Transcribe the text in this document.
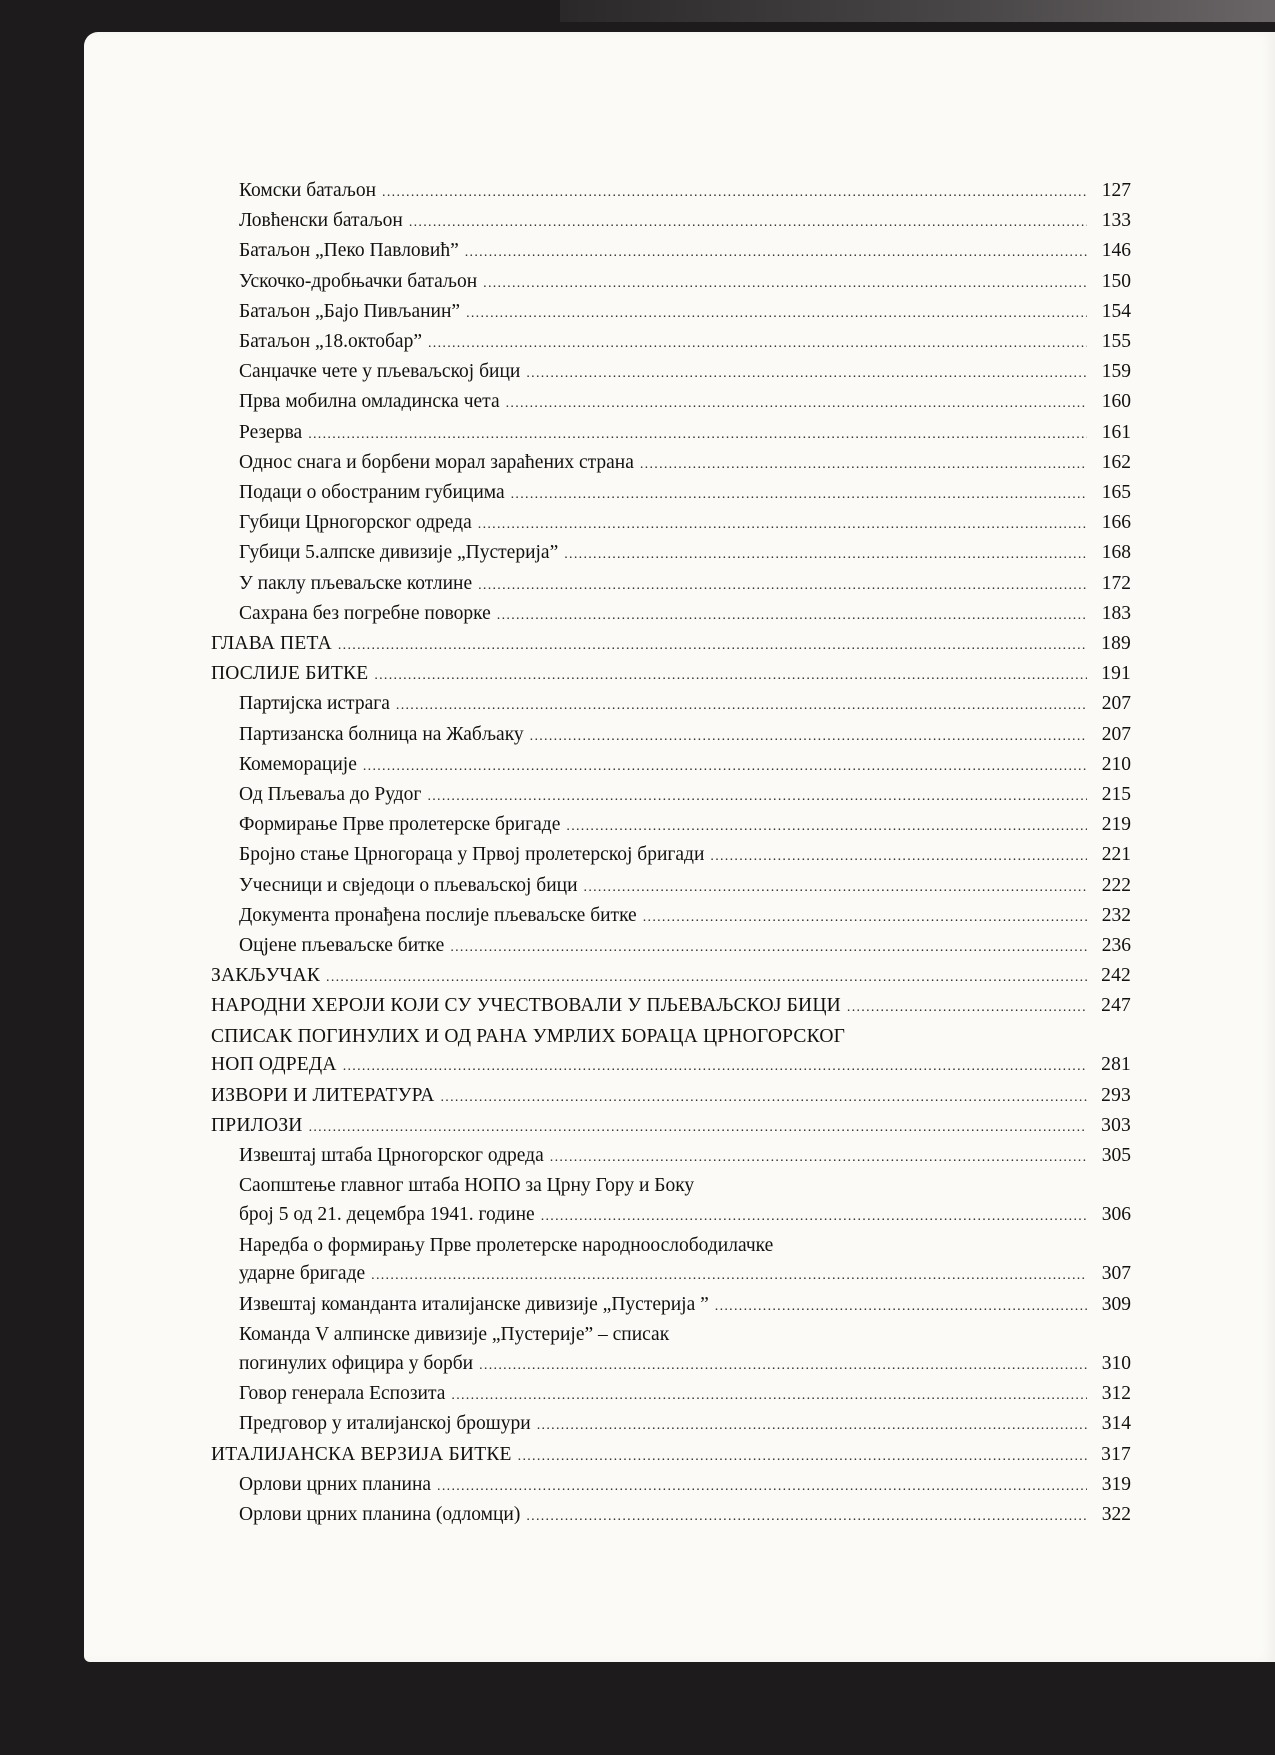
Комски батаљон .....	127
Ловћенски батаљон .....	133
Батаљон „Пеко Павловић” .....	146
Ускочко-дробњачки батаљон .....	150
Батаљон „Бајо Пивљанин” .....	154
Батаљон „18.октобар” .....	155
Санџачке чете у пљеваљској бици .....	159
Прва мобилна омладинска чета .....	160
Резерва .....	161
Однос снага и борбени морал зараћених страна .....	162
Подаци о обостраним губицима .....	165
Губици Црногорског одреда .....	166
Губици 5.алпске дивизије „Пустерија” .....	168
У паклу пљеваљске котлине .....	172
Сахрана без погребне поворке .....	183
ГЛАВА ПЕТА .....	189
ПОСЛИЈЕ БИТКЕ .....	191
Партијска истрага .....	207
Партизанска болница на Жабљаку .....	207
Комеморације .....	210
Од Пљеваља до Рудог .....	215
Формирање Прве пролетерске бригаде .....	219
Бројно стање Црногораца у Првој пролетерској бригади .....	221
Учесници и свједоци о пљеваљској бици .....	222
Документа пронађена послије пљеваљске битке .....	232
Оцјене пљеваљске битке .....	236
ЗАКЉУЧАК .....	242
НАРОДНИ ХЕРОЈИ КОЈИ СУ УЧЕСТВОВАЛИ У ПЉЕВАЉСКОЈ БИЦИ .....	247
СПИСАК ПОГИНУЛИХ И ОД РАНА УМРЛИХ БОРАЦА ЦРНОГОРСКОГ
НОП ОДРЕДА .....	281
ИЗВОРИ И ЛИТЕРАТУРА .....	293
ПРИЛОЗИ .....	303
Извештај штаба Црногорског одреда .....	305
Саопштење главног штаба НОПО за Црну Гору и Боку
број 5 од 21. децембра 1941. године .....	306
Наредба о формирању Прве пролетерске народноослободилачке
ударне бригаде .....	307
Извештај команданта италијанске дивизије „Пустерија ” .....	309
Команда V алпинске дивизије „Пустерије” – списак
погинулих официра у борби .....	310
Говор генерала Еспозита .....	312
Предговор у италијанској брошури .....	314
ИТАЛИЈАНСКА ВЕРЗИЈА БИТКЕ .....	317
Орлови црних планина .....	319
Орлови црних планина (одломци) .....	322
